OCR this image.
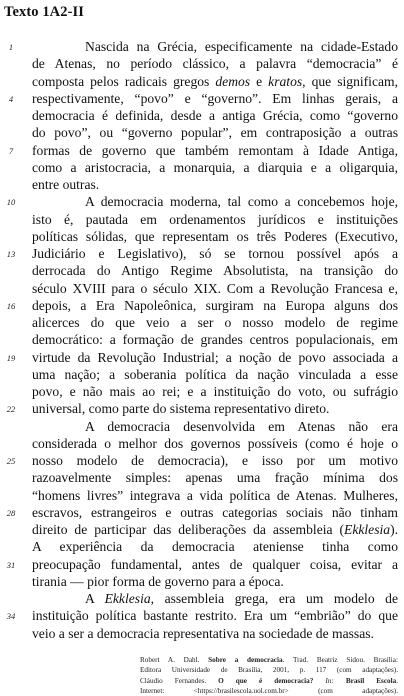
Texto 1A2-II
1	Nascida na Grécia, especificamente na cidade-Estado
de Atenas, no período clássico, a palavra “democracia” é
composta pelos radicais gregos demos e kratos, que significam,
4	respectivamente, “povo” e “governo”. Em linhas gerais, a
democracia é definida, desde a antiga Grécia, como “governo
do povo”, ou “governo popular”, em contraposição a outras
7	formas de governo que também remontam à Idade Antiga,
como a aristocracia, a monarquia, a diarquia e a oligarquia,
entre outras.
10	A democracia moderna, tal como a concebemos hoje,
isto é, pautada em ordenamentos jurídicos e instituições
políticas sólidas, que representam os três Poderes (Executivo,
13 Judiciário e Legislativo), só se tornou possível após a
derrocada do Antigo Regime Absolutista, na transição do
século XVIII para o século XIX. Com a Revolução Francesa e,
16 depois, a Era Napoleônica, surgiram na Europa alguns dos
alicerces do que veio a ser o nosso modelo de regime
democrático: a formação de grandes centros populacionais, em
19 virtude da Revolução Industrial; a noção de povo associada a
uma nação; a soberania política da nação vinculada a esse
povo, e não mais ao rei; e a instituição do voto, ou sufrágio
22 universal, como parte do sistema representativo direto.
A democracia desenvolvida em Atenas não era
considerada o melhor dos governos possíveis (como é hoje o
25 nosso modelo de democracia), e isso por um motivo
razoavelmente simples: apenas uma fração mínima dos
“homens livres” integrava a vida política de Atenas. Mulheres,
28 escravos, estrangeiros e outras categorias sociais não tinham
direito de participar das deliberações da assembleia (Ekklesia).
A experiência da democracia ateniense tinha como
31 preocupação fundamental, antes de qualquer coisa, evitar a
tirania — pior forma de governo para a época.
A Ekklesia, assembleia grega, era um modelo de
34 instituição política bastante restrito. Era um “embrião” do que
veio a ser a democracia representativa na sociedade de massas.
Robert A. Dahl. Sobre a democracia. Trad. Beatriz Sidou. Brasília:
Editora Universidade de Brasília, 2001, p. 117 (com adaptações).
Cláudio Fernandes. O que é democracia? In: Brasil Escola.
Internet: <https://brasilescola.uol.com.br> (com adaptações).
